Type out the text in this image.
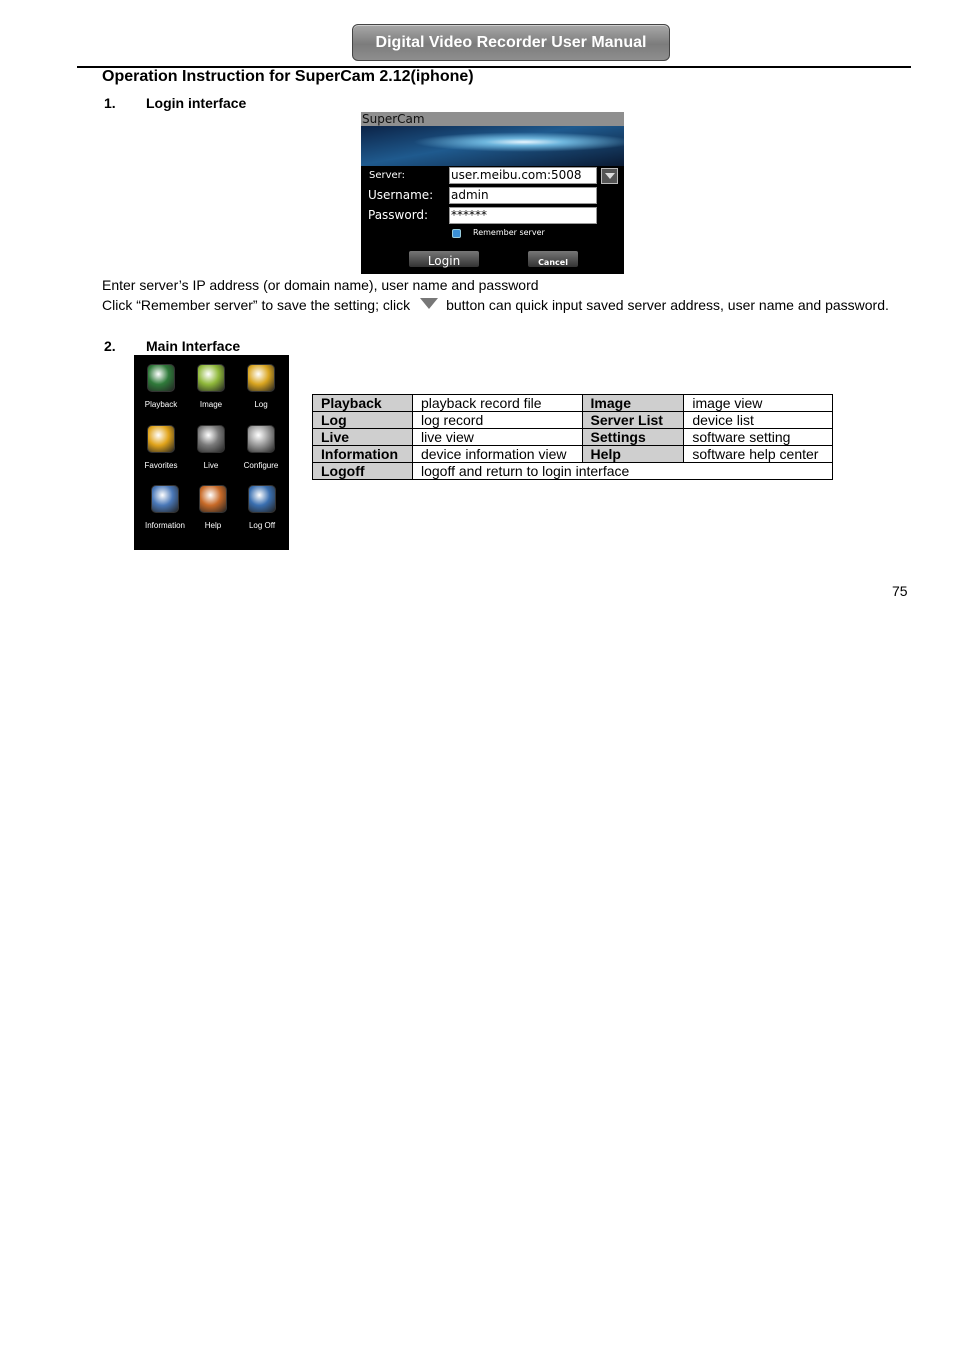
Digital Video Recorder User Manual
Operation Instruction for SuperCam 2.12(iphone)
1. Login interface
SuperCam
Server:	user.meibu.com:5008
Username: admin
Password: ******
Remember server
Login	Cancel
Enter server’s IP address (or domain name), user name and password
Click “Remember server” to save the setting; click	button can quick input saved server address, user name and password.
2. Main Interface
Playback	Image	Log
Favorites	Live	Configure
Information	Help	Log Off
Playback	playback record file	Image	image view
Log	log record	Server List	device list
Live	live view	Settings	software setting
Information	device information view	Help	software help center
Logoff	logoff and return to login interface		
75
